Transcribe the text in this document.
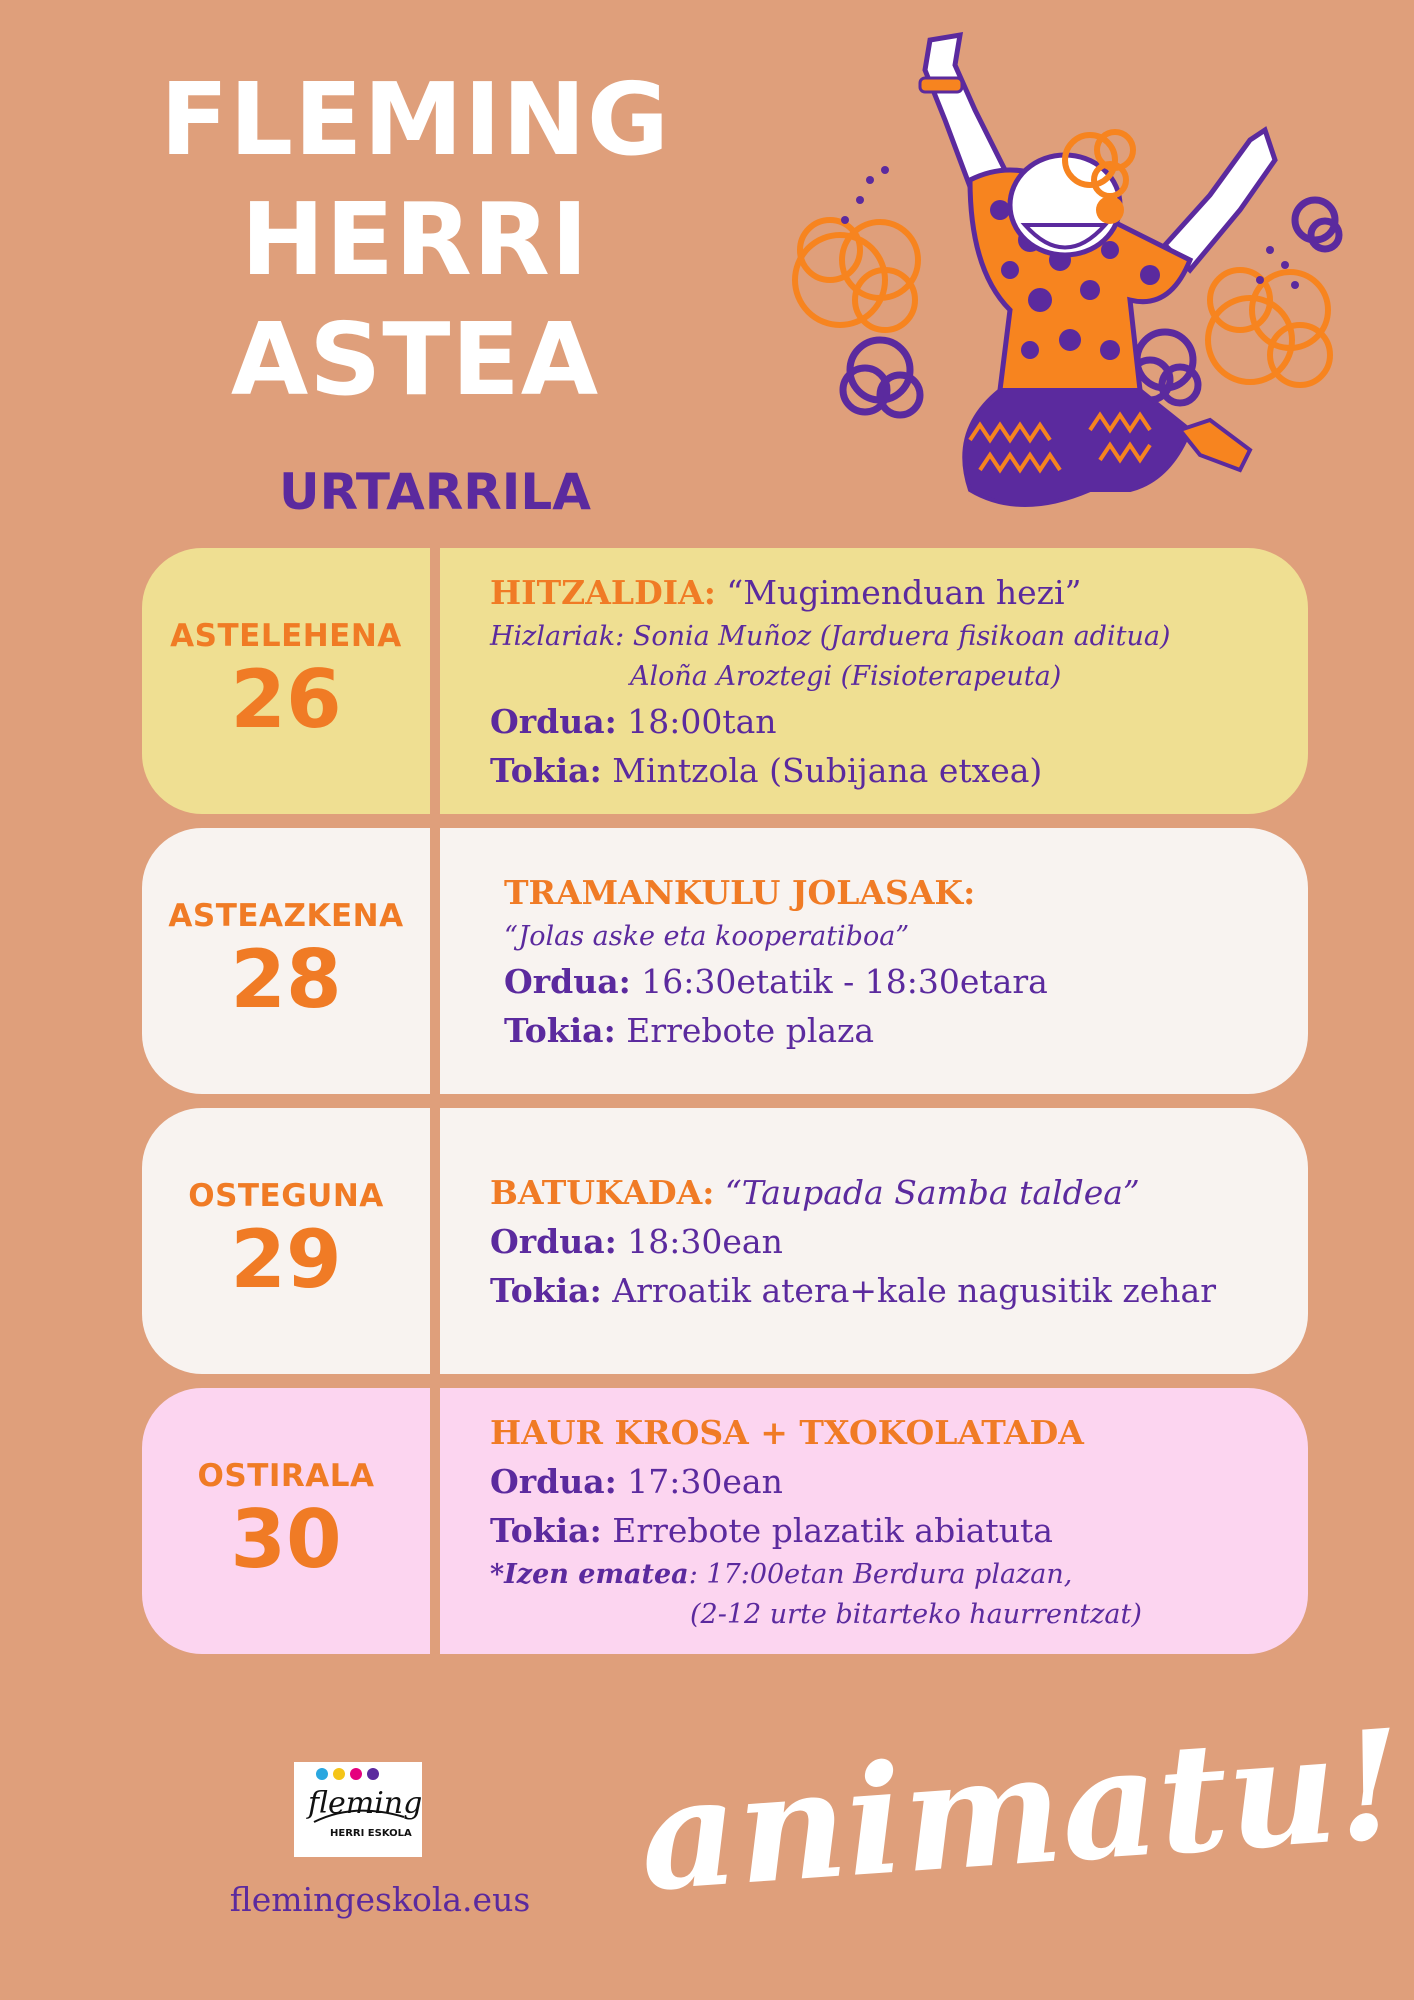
FLEMING
HERRI
ASTEA
URTARRILA
ASTELEHENA
26
HITZALDIA: “Mugimenduan hezi”
Hizlariak: Sonia Muñoz (Jarduera fisikoan aditua)
Aloña Aroztegi (Fisioterapeuta)
Ordua: 18:00tan
Tokia: Mintzola (Subijana etxea)
ASTEAZKENA
28
TRAMANKULU JOLASAK:
“Jolas aske eta kooperatiboa”
Ordua: 16:30etatik - 18:30etara
Tokia: Errebote plaza
OSTEGUNA
29
BATUKADA: “Taupada Samba taldea”
Ordua: 18:30ean
Tokia: Arroatik atera+kale nagusitik zehar
OSTIRALA
30
HAUR KROSA + TXOKOLATADA
Ordua: 17:30ean
Tokia: Errebote plazatik abiatuta
*Izen ematea: 17:00etan Berdura plazan,
(2-12 urte bitarteko haurrentzat)
fleming
HERRI ESKOLA
flemingeskola.eus animatu!
